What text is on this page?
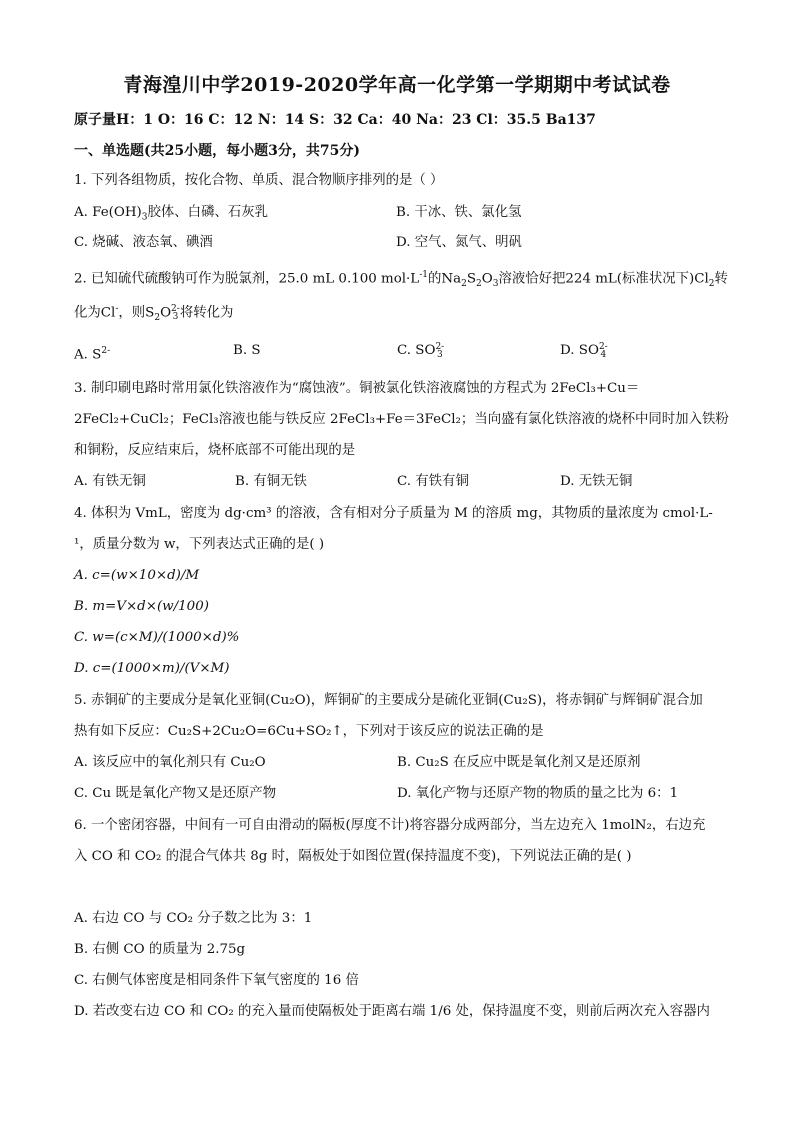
青海湟川中学2019-2020学年高一化学第一学期期中考试试卷
原子量H：1 O：16 C：12 N：14 S：32 Ca：40 Na：23 Cl：35.5 Ba137
一、单选题(共25小题，每小题3分，共75分)
1. 下列各组物质，按化合物、单质、混合物顺序排列的是（ ）
A. $Fe(OH)_3$胶体、白磷、石灰乳	B. 干冰、铁、氯化氢
C. 烧碱、液态氧、碘酒	D. 空气、氮气、明矾
2. 已知硫代硫酸钠可作为脱氯剂，25.0 mL 0.100 $mol\cdot L^{-1}$的$Na_2S_2O_3$溶液恰好把224 mL(标准状况下)$Cl_2$转
化为Cl-，则$S_2O$ 2-
3 将转化为
A. $S^{2-}$	B. S	C. SO 2-
3	D. SO 2-
4
3. 制印刷电路时常用氯化铁溶液作为“腐蚀液”。铜被氯化铁溶液腐蚀的方程式为 2FeCl₃+Cu＝
2FeCl₂+CuCl₂；FeCl₃溶液也能与铁反应 2FeCl₃+Fe＝3FeCl₂；当向盛有氯化铁溶液的烧杯中同时加入铁粉
和铜粉，反应结束后，烧杯底部不可能出现的是
A. 有铁无铜	B. 有铜无铁	C. 有铁有铜	D. 无铁无铜
4. 体积为 VmL，密度为 dg·cm³ 的溶液，含有相对分子质量为 M 的溶质 mg，其物质的量浓度为 cmol·L-
¹，质量分数为 w，下列表达式正确的是( )
A. c=(w×10×d)/M
B. m=V×d×(w/100)
C. w=(c×M)/(1000×d)%
D. c=(1000×m)/(V×M)
5. 赤铜矿的主要成分是氧化亚铜(Cu₂O)，辉铜矿的主要成分是硫化亚铜(Cu₂S)，将赤铜矿与辉铜矿混合加
热有如下反应：Cu₂S+2Cu₂O=6Cu+SO₂↑，下列对于该反应的说法正确的是
A. 该反应中的氧化剂只有 Cu₂O	B. Cu₂S 在反应中既是氧化剂又是还原剂
C. Cu 既是氧化产物又是还原产物	D. 氧化产物与还原产物的物质的量之比为 6：1
6. 一个密闭容器，中间有一可自由滑动的隔板(厚度不计)将容器分成两部分，当左边充入 1molN₂，右边充
入 CO 和 CO₂ 的混合气体共 8g 时，隔板处于如图位置(保持温度不变)，下列说法正确的是( )
A. 右边 CO 与 CO₂ 分子数之比为 3：1
B. 右侧 CO 的质量为 2.75g
C. 右侧气体密度是相同条件下氧气密度的 16 倍
D. 若改变右边 CO 和 CO₂ 的充入量而使隔板处于距离右端 1/6 处，保持温度不变，则前后两次充入容器内
